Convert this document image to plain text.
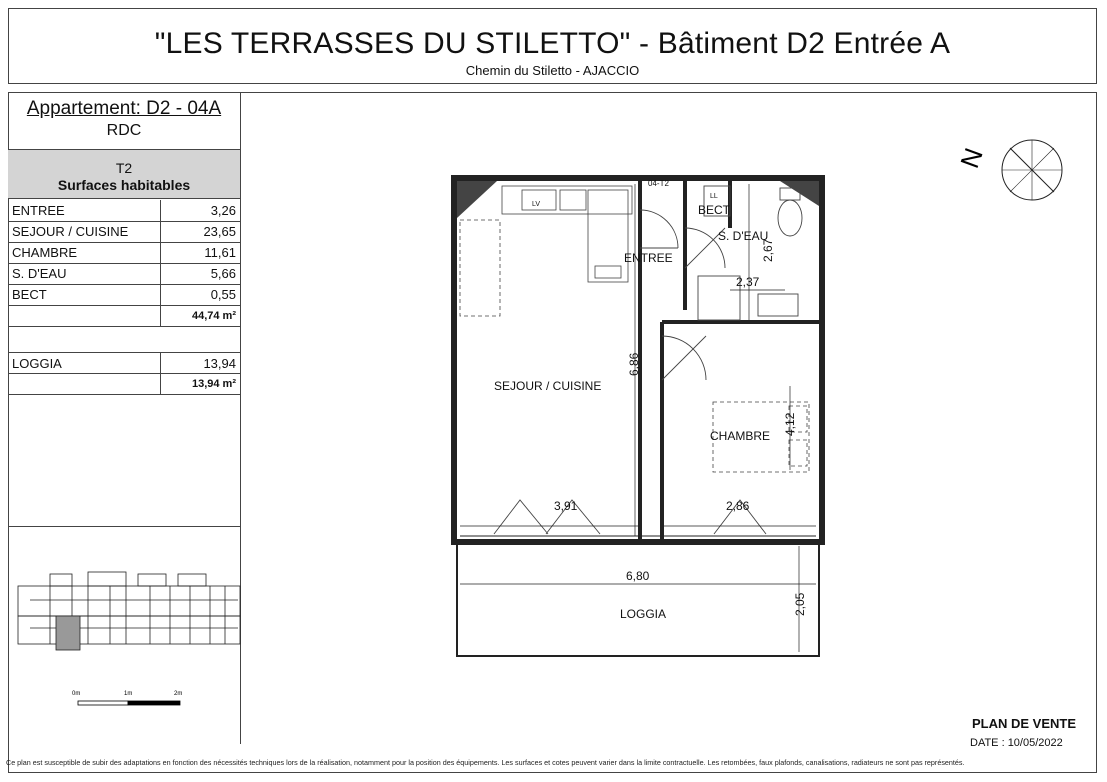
"LES TERRASSES DU STILETTO" - Bâtiment D2 Entrée A
Chemin du Stiletto - AJACCIO
Appartement: D2 - 04A
RDC
T2
Surfaces habitables
ENTREE	3,26
SEJOUR / CUISINE	23,65
CHAMBRE	11,61
S. D'EAU	5,66
BECT	0,55
	44,74 m²
LOGGIA	13,94
	13,94 m²
0m	1m	2m
SEJOUR / CUISINE
ENTREE
CHAMBRE
S. D'EAU
BECT
LOGGIA
LV
LL
04-T2
3,91	2,86
2,37
6,80
6,86
4,12
2,67
2,05
N
PLAN DE VENTE
DATE : 10/05/2022
Ce plan est susceptible de subir des adaptations en fonction des nécessités techniques lors de la réalisation, notamment pour la position des équipements. Les surfaces et cotes peuvent varier dans la limite contractuelle. Les retombées, faux plafonds, canalisations, radiateurs ne sont pas représentés.
